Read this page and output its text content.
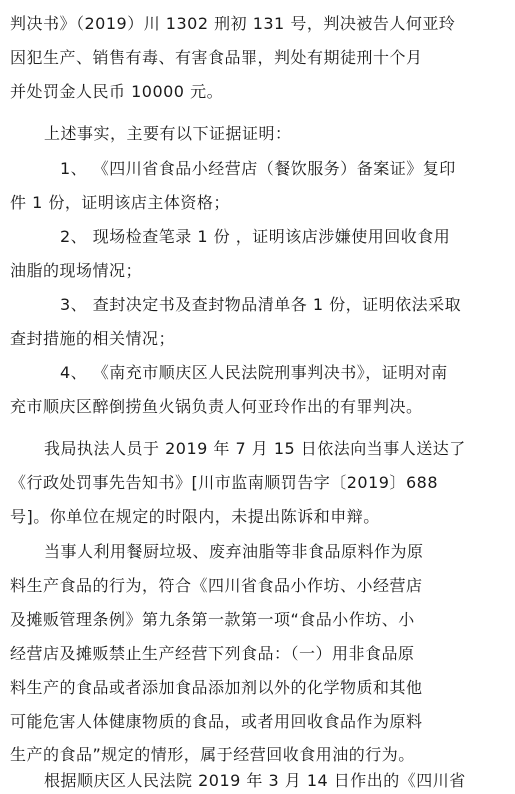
判决书》（2019）川 1302 刑初 131 号，判决被告人何亚玲
因犯生产、销售有毒、有害食品罪，判处有期徒刑十个月
并处罚金人民币 10000 元。
上述事实，主要有以下证据证明：
1、 《四川省食品小经营店（餐饮服务）备案证》复印
件 1 份，证明该店主体资格；
2、 现场检查笔录 1 份 ，证明该店涉嫌使用回收食用
油脂的现场情况；
3、 查封决定书及查封物品清单各 1 份，证明依法采取
查封措施的相关情况；
4、 《南充市顺庆区人民法院刑事判决书》，证明对南
充市顺庆区醉倒捞鱼火锅负责人何亚玲作出的有罪判决。
我局执法人员于 2019 年 7 月 15 日依法向当事人送达了
《行政处罚事先告知书》[川市监南顺罚告字〔2019〕688
号]。你单位在规定的时限内，未提出陈诉和申辩。
当事人利用餐厨垃圾、废弃油脂等非食品原料作为原
料生产食品的行为，符合《四川省食品小作坊、小经营店
及摊贩管理条例》第九条第一款第一项“食品小作坊、小
经营店及摊贩禁止生产经营下列食品：（一）用非食品原
料生产的食品或者添加食品添加剂以外的化学物质和其他
可能危害人体健康物质的食品，或者用回收食品作为原料
生产的食品”规定的情形，属于经营回收食用油的行为。
根据顺庆区人民法院 2019 年 3 月 14 日作出的《四川省
